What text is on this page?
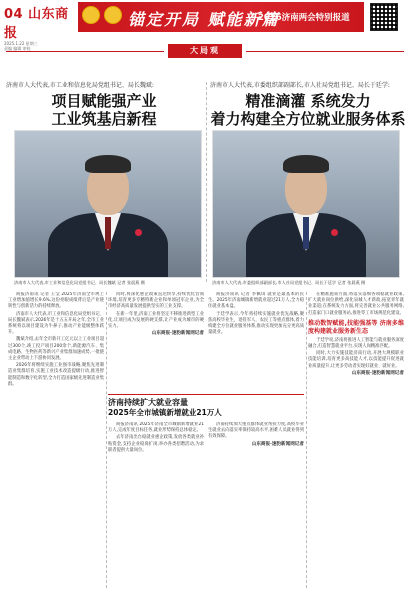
04 山东商报
2025.1.22 星期三
责编 编辑 审校
锚定开局 赋能新篇
2026济南两会特别报道
大局观
济南市人大代表,市工业和信息化局党组书记、局长魏斌:
项目赋能强产业
工业筑基启新程
济南市人大代表,市委组织部副部长,市人社局党组书记、局长于廷学:
精准滴灌 系统发力
着力构建全方位就业服务体系
济南市人大代表,市工业和信息化局党组书记、局长魏斌 记者 张晨燕 摄	济南市人大代表,市委组织部副部长,市人社局党组书记、局长于廷学 记者 张晨燕 摄

商报济南讯 记者 王莹 2025年济南全市规上工业增加值增长9.6%,这份亮眼成绩背后是产业链韧性与创新活力的持续释放。

济南市人大代表,市工业和信息化局党组书记、局长魏斌表示,2026年是十五五开局之年,全市工业系统将以项目建设为牛鼻子,推动产业能级整体跃升。

魏斌介绍,去年全市新开工亿元以上工业项目超过300个,竣工投产项目200余个,新能源汽车、集成电路、生物医药等新兴产业集群加速成势,一批链主企业带动上下游协同发展。

2026年将继续实施工业强市战略,聚焦先进制造业集群培育,实施工业技术改造提级行动,推进智能制造和数字化转型,全力打造国家级先进制造业集群。

同时,将深化惠企政策直达快享,持续优化营商环境,培育更多专精特新企业和单项冠军企业,为全市经济高质量发展提供坚实的工业支撑。

在新一年里,济南工业将坚定不移推进新型工业化,让项目成为发展的硬支撑,让产业成为城市的硬实力。

山东商报·速豹新闻网记者

商报济南讯 记者 李佩琪 就业是最基本的民生。2025年济南城镇新增就业超过21万人,全力稳住就业基本盘。

于廷学表示,今年将持续实施就业优先战略,聚焦高校毕业生、退役军人、农民工等重点群体,着力构建全方位就业服务体系,推动实现更加充分更高质量就业。

在精准施策方面,将落实落细各项稳就业政策,扩大就业岗位供给,深化泉城人才新政,拓宽青年就业渠道;在系统发力方面,将完善就业公共服务网络,打造家门口就业服务站,推进零工市场规范化建设。

推动数智赋能,技能强基等 济南多维度构建就业服务新生态

于廷学说,济南将推进人工智能与就业服务深度融合,打造智慧就业平台,实现人岗精准匹配。

同时,大力实施技能济南行动,开展大规模职业技能培训,培育更多高技能人才,以技能提升促进就业质量提升,让更多劳动者实现好就业、就好业。

山东商报·速豹新闻网记者
济南持续扩大就业容量
2025年全市城镇新增就业21万人

商报济南讯 2025年济南全市城镇新增就业21万人,完成年度目标任务,就业形势保持总体稳定。

去年济南出台稳就业惠企政策,发放各类就业补贴资金,支持企业稳岗扩岗,举办各类招聘活动,为求职者提供大量岗位。

济南持续加大重点群体就业帮扶力度,高校毕业生就业去向落实率保持较高水平,困难人员就业得到有效保障。

山东商报·速豹新闻网记者
